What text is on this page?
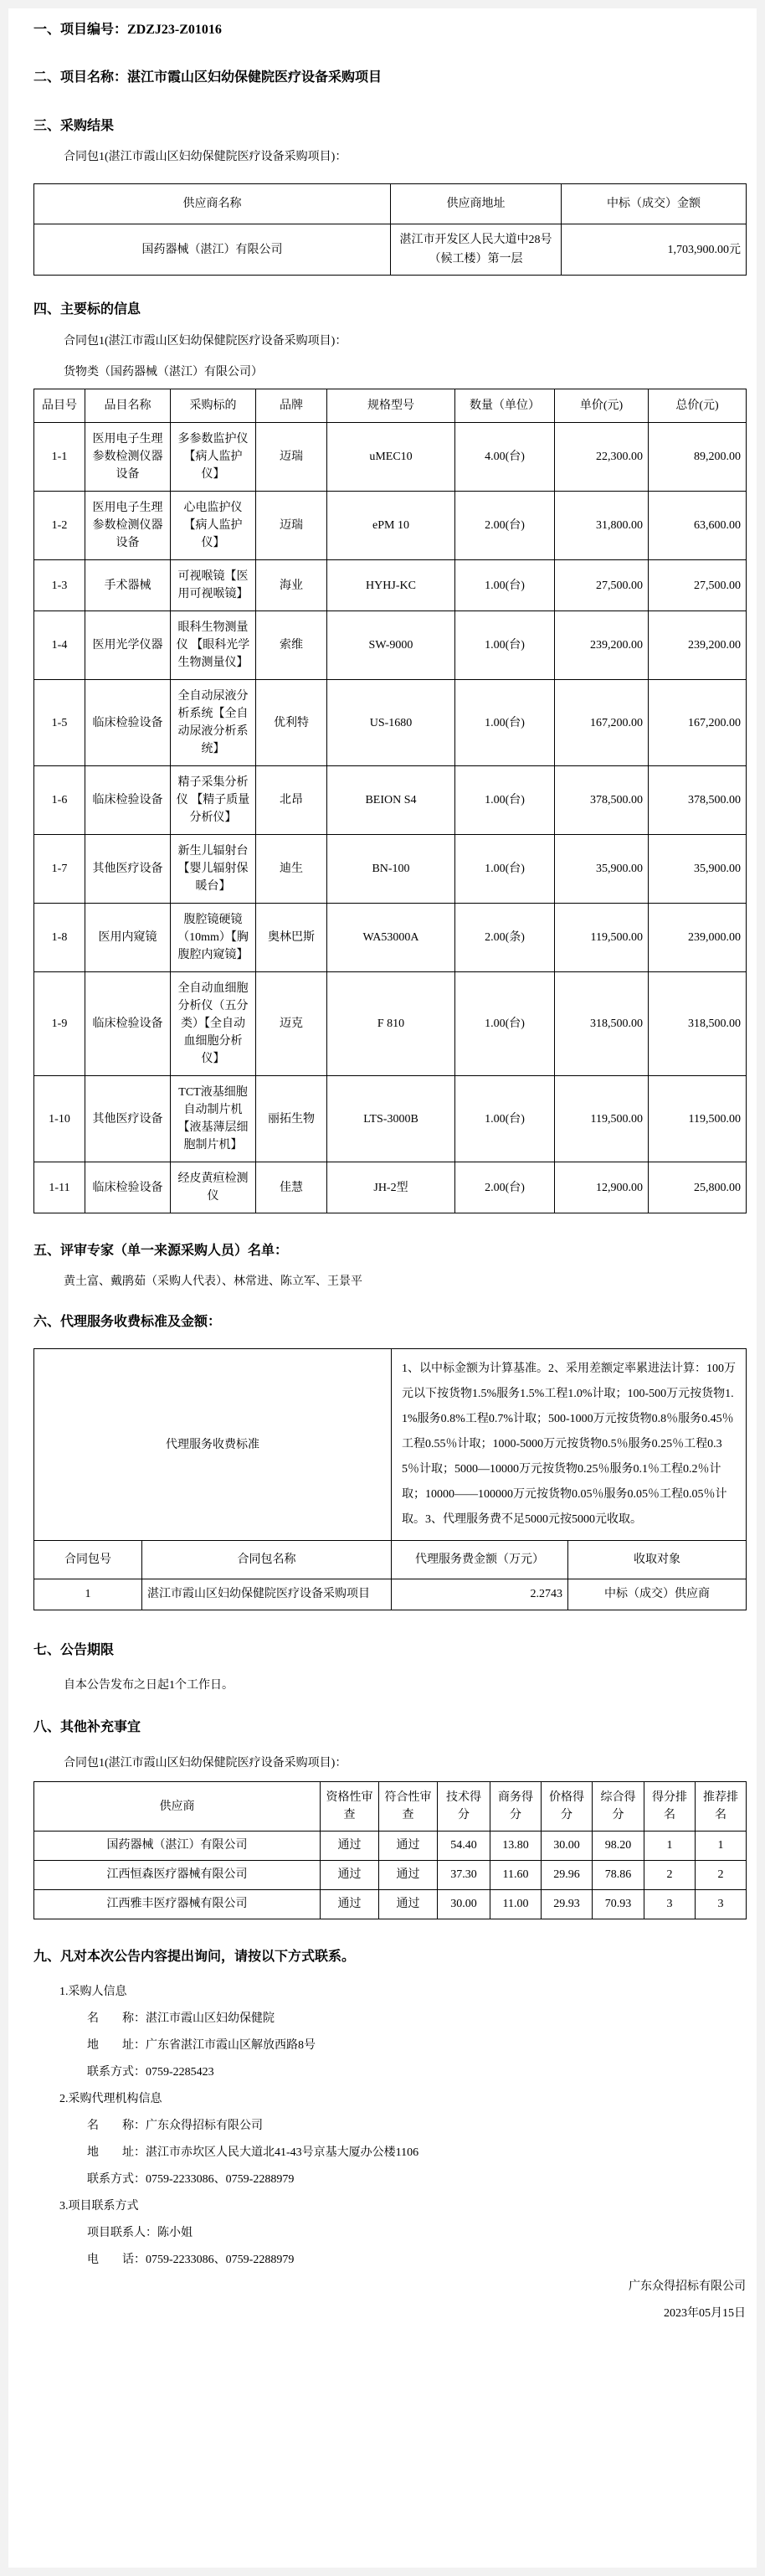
一、项目编号：ZDZJ23-Z01016
二、项目名称：湛江市霞山区妇幼保健院医疗设备采购项目
三、采购结果
合同包1(湛江市霞山区妇幼保健院医疗设备采购项目)：
供应商名称	供应商地址	中标（成交）金额
国药器械（湛江）有限公司	湛江市开发区人民大道中28号（候工楼）第一层	1,703,900.00元
四、主要标的信息
合同包1(湛江市霞山区妇幼保健院医疗设备采购项目)：
货物类（国药器械（湛江）有限公司）
品目号	品目名称	采购标的	品牌	规格型号	数量（单位）	单价(元)	总价(元)
1-1	医用电子生理参数检测仪器设备	多参数监护仪 【病人监护仪】	迈瑞	uMEC10	4.00(台)	22,300.00	89,200.00
1-2	医用电子生理参数检测仪器设备	心电监护仪【病人监护仪】	迈瑞	ePM 10	2.00(台)	31,800.00	63,600.00
1-3	手术器械	可视喉镜【医用可视喉镜】	海业	HYHJ-KC	1.00(台)	27,500.00	27,500.00
1-4	医用光学仪器	眼科生物测量仪 【眼科光学生物测量仪】	索维	SW-9000	1.00(台)	239,200.00	239,200.00
1-5	临床检验设备	全自动尿液分析系统【全自动尿液分析系统】	优利特	US-1680	1.00(台)	167,200.00	167,200.00
1-6	临床检验设备	精子采集分析仪 【精子质量分析仪】	北昂	BEION S4	1.00(台)	378,500.00	378,500.00
1-7	其他医疗设备	新生儿辐射台 【婴儿辐射保暖台】	迪生	BN-100	1.00(台)	35,900.00	35,900.00
1-8	医用内窥镜	腹腔镜硬镜（10mm）【胸腹腔内窥镜】	奥林巴斯	WA53000A	2.00(条)	119,500.00	239,000.00
1-9	临床检验设备	全自动血细胞分析仪（五分类）【全自动血细胞分析仪】	迈克	F 810	1.00(台)	318,500.00	318,500.00
1-10	其他医疗设备	TCT液基细胞自动制片机 【液基薄层细胞制片机】	丽拓生物	LTS-3000B	1.00(台)	119,500.00	119,500.00
1-11	临床检验设备	经皮黄疸检测仪	佳慧	JH-2型	2.00(台)	12,900.00	25,800.00
五、评审专家（单一来源采购人员）名单：
黄土富、戴鹃茹（采购人代表）、林常进、陈立军、王景平
六、代理服务收费标准及金额：
代理服务收费标准		1、以中标金额为计算基准。2、采用差额定率累进法计算：100万元以下按货物1.5%服务1.5%工程1.0%计取；100-500万元按货物1.1%服务0.8%工程0.7%计取；500-1000万元按货物0.8％服务0.45％工程0.55％计取；1000-5000万元按货物0.5％服务0.25％工程0.35％计取；5000—10000万元按货物0.25％服务0.1％工程0.2％计取；10000——100000万元按货物0.05％服务0.05％工程0.05％计取。3、代理服务费不足5000元按5000元收取。	
合同包号	合同包名称	代理服务费金额（万元）	收取对象
1	湛江市霞山区妇幼保健院医疗设备采购项目	2.2743	中标（成交）供应商
七、公告期限
自本公告发布之日起1个工作日。
八、其他补充事宜
合同包1(湛江市霞山区妇幼保健院医疗设备采购项目)：
供应商	资格性审查	符合性审查	技术得分	商务得分	价格得分	综合得分	得分排名	推荐排名
国药器械（湛江）有限公司	通过	通过	54.40	13.80	30.00	98.20	1	1
江西恒森医疗器械有限公司	通过	通过	37.30	11.60	29.96	78.86	2	2
江西雅丰医疗器械有限公司	通过	通过	30.00	11.00	29.93	70.93	3	3
九、凡对本次公告内容提出询问，请按以下方式联系。
1.采购人信息
名　　称：湛江市霞山区妇幼保健院
地　　址：广东省湛江市霞山区解放西路8号
联系方式：0759-2285423
2.采购代理机构信息
名　　称：广东众得招标有限公司
地　　址：湛江市赤坎区人民大道北41-43号京基大厦办公楼1106
联系方式：0759-2233086、0759-2288979
3.项目联系方式
项目联系人：陈小姐
电　　话：0759-2233086、0759-2288979
广东众得招标有限公司
2023年05月15日
